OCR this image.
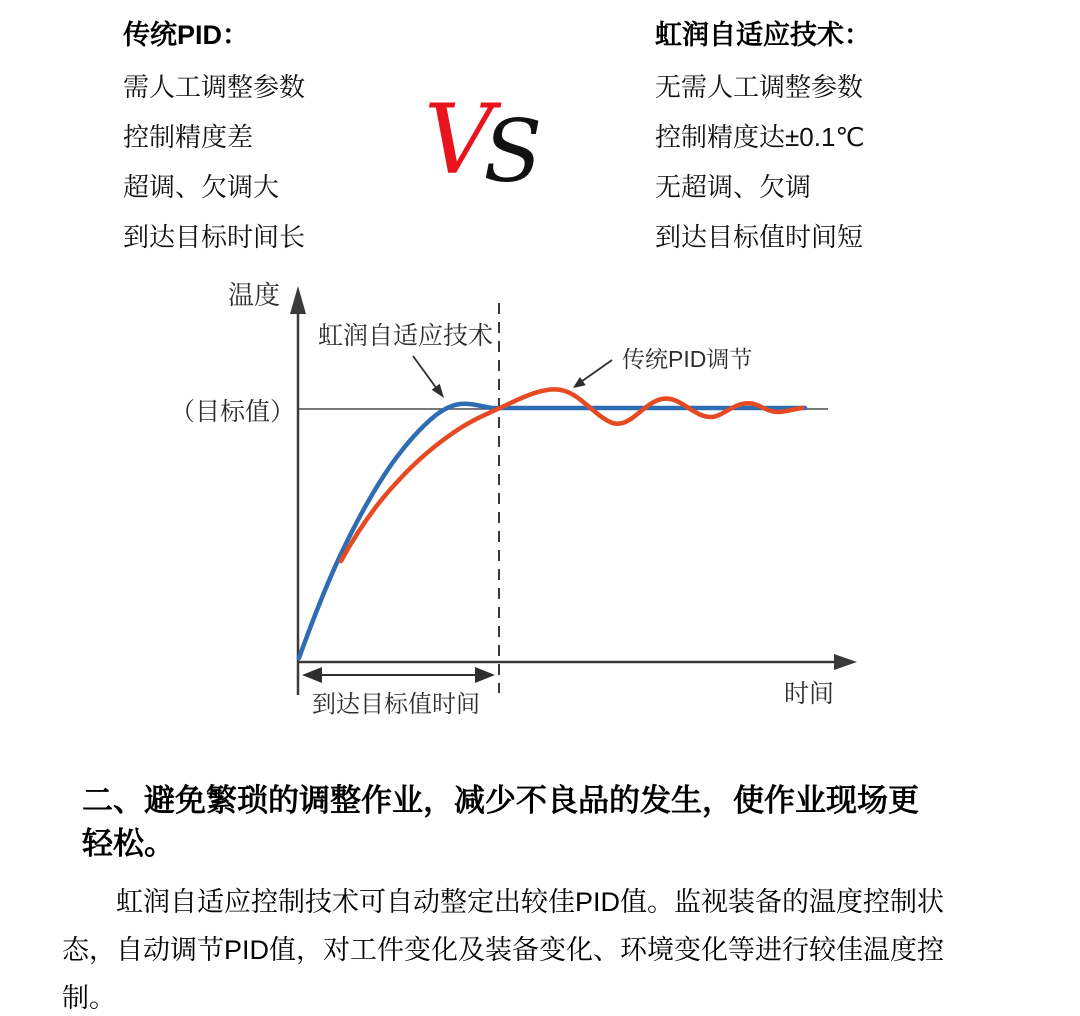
传统PID：
需人工调整参数
控制精度差
超调、欠调大
到达目标时间长
VS
虹润自适应技术：
无需人工调整参数
控制精度达±0.1℃
无超调、欠调
到达目标值时间短
虹润自适应技术
传统PID调节
温度
（目标值）
时间
到达目标值时间
二、避免繁琐的调整作业，减少不良品的发生，使作业现场更
轻松。
虹润自适应控制技术可自动整定出较佳PID值。监视装备的温度控制状
态，自动调节PID值，对工件变化及装备变化、环境变化等进行较佳温度控
制。
